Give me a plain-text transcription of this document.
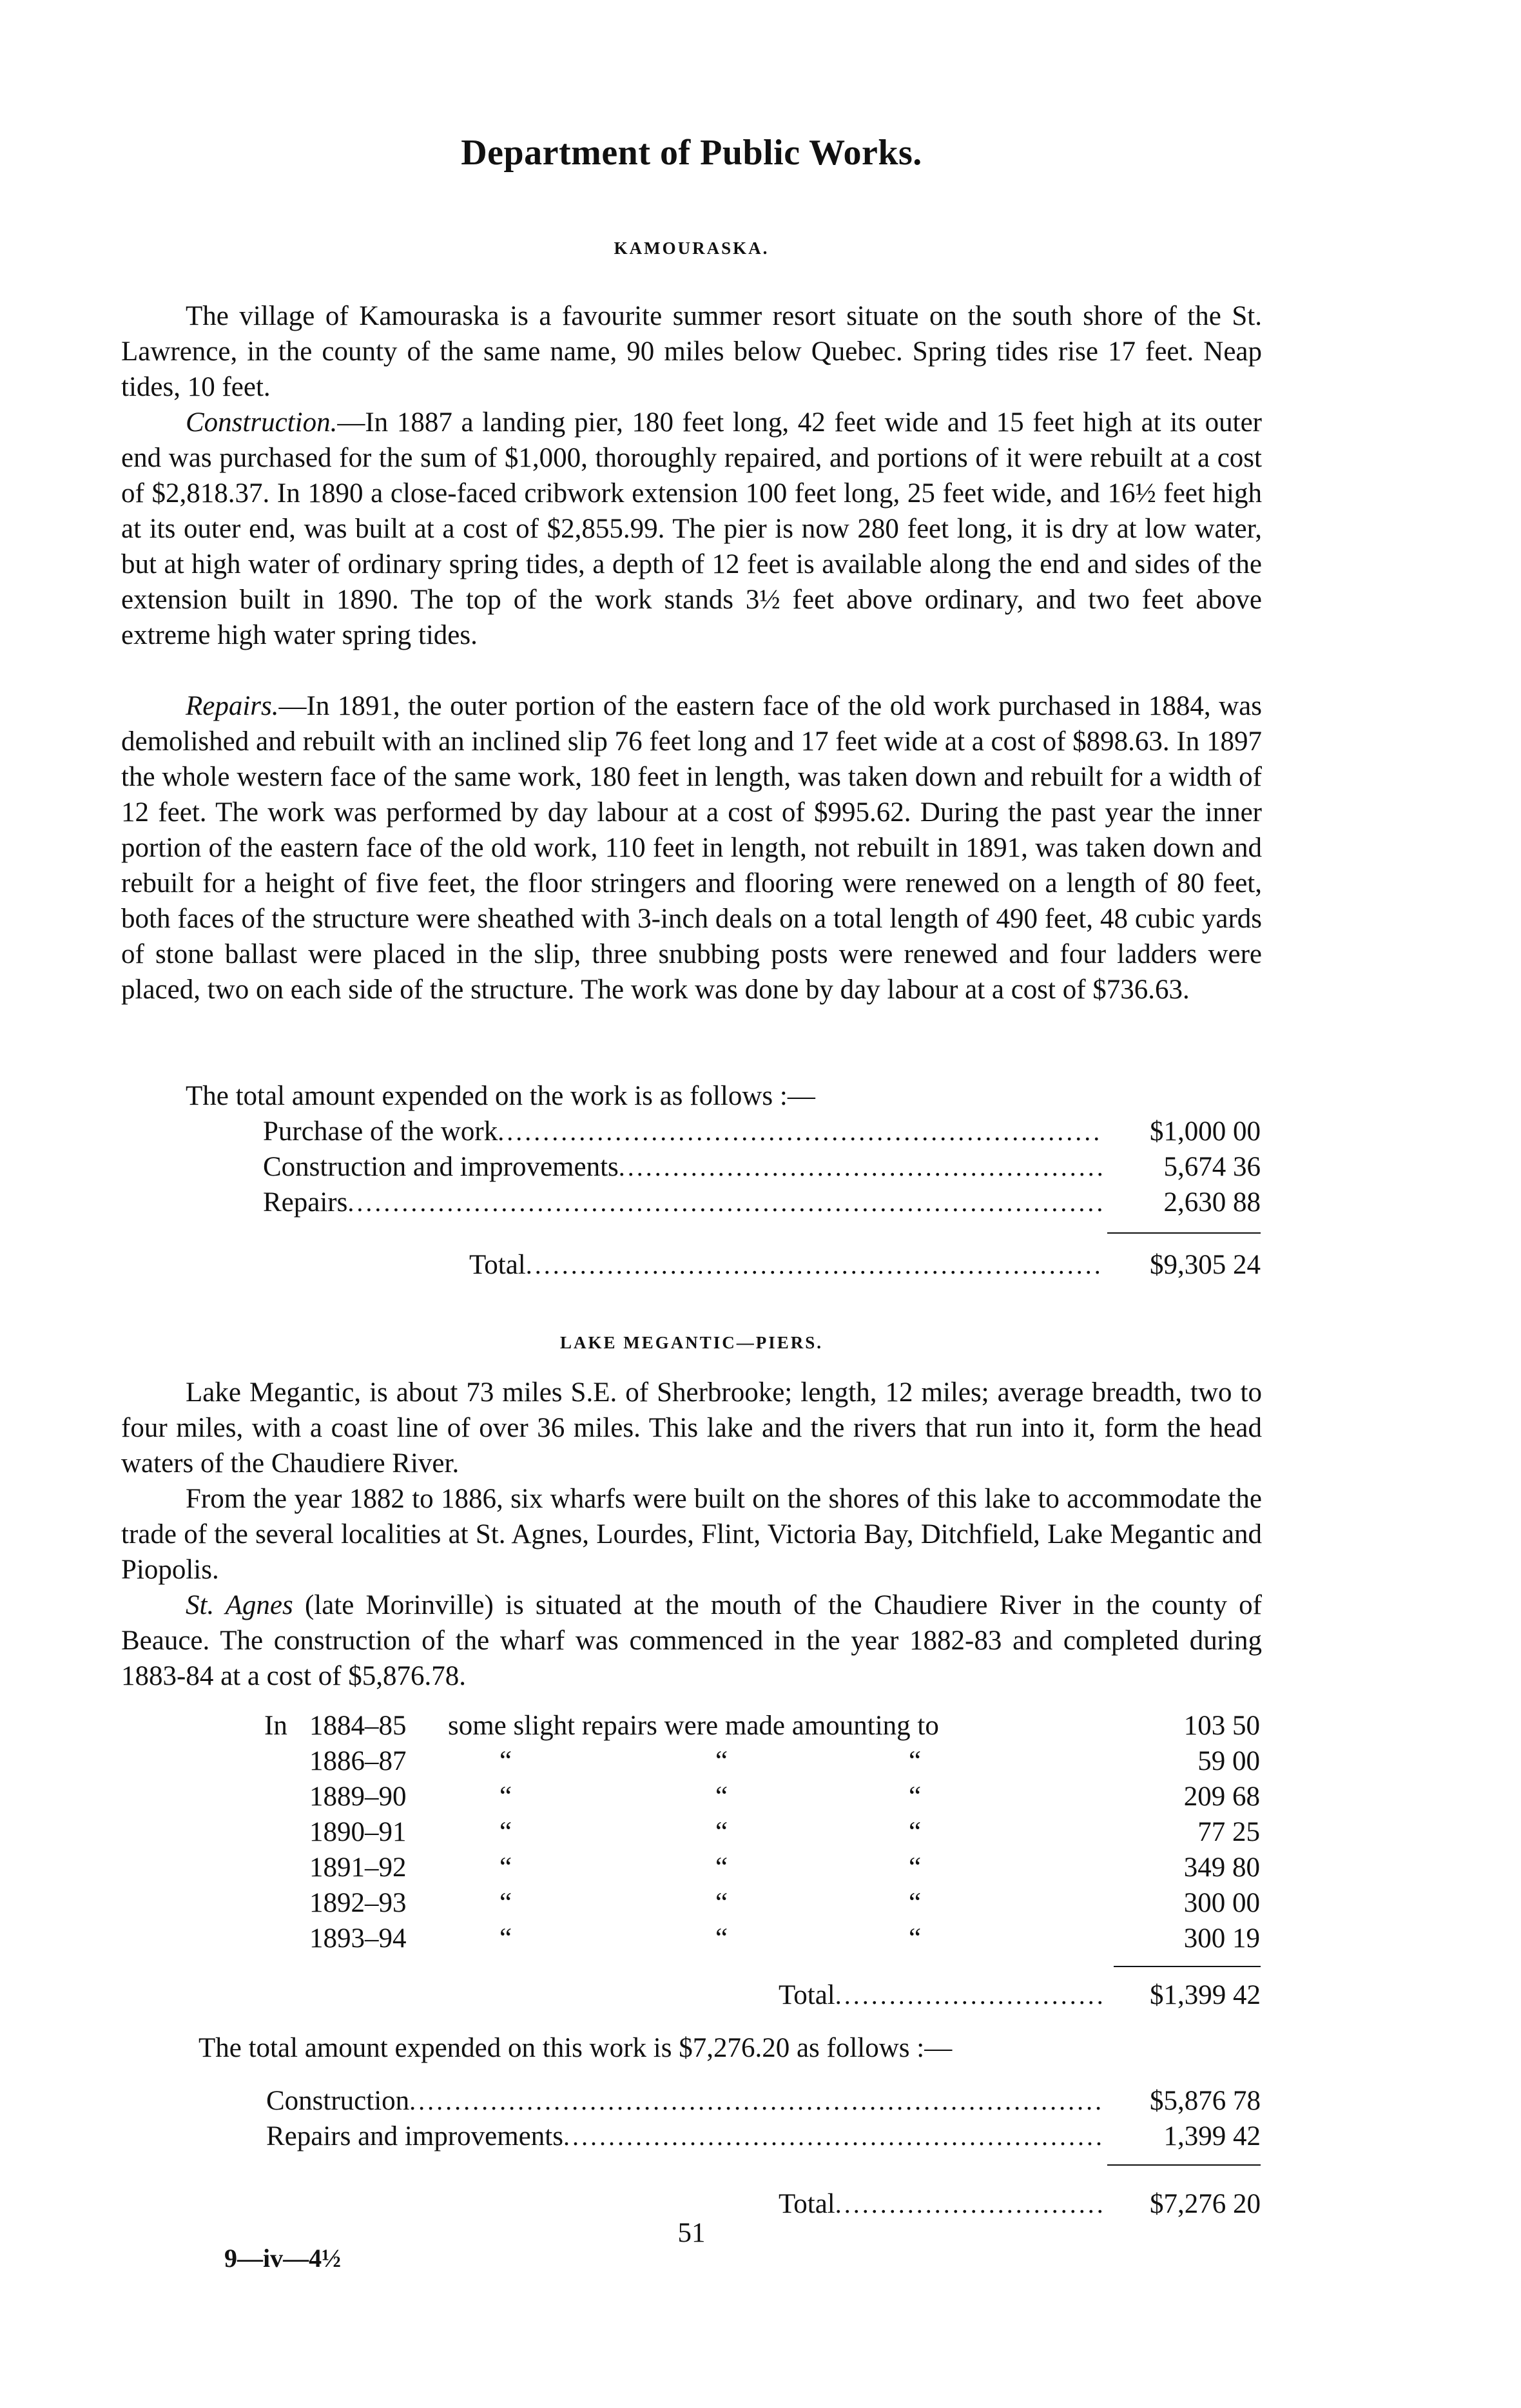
Department of Public Works.
KAMOURASKA.

The village of Kamouraska is a favourite summer resort situate on the south shore of the St. Lawrence, in the county of the same name, 90 miles below Quebec. Spring tides rise 17 feet. Neap tides, 10 feet.

Construction.—In 1887 a landing pier, 180 feet long, 42 feet wide and 15 feet high at its outer end was purchased for the sum of $1,000, thoroughly repaired, and portions of it were rebuilt at a cost of $2,818.37. In 1890 a close-faced cribwork extension 100 feet long, 25 feet wide, and 16½ feet high at its outer end, was built at a cost of $2,855.99. The pier is now 280 feet long, it is dry at low water, but at high water of ordinary spring tides, a depth of 12 feet is available along the end and sides of the extension built in 1890. The top of the work stands 3½ feet above ordinary, and two feet above extreme high water spring tides.

Repairs.—In 1891, the outer portion of the eastern face of the old work purchased in 1884, was demolished and rebuilt with an inclined slip 76 feet long and 17 feet wide at a cost of $898.63. In 1897 the whole western face of the same work, 180 feet in length, was taken down and rebuilt for a width of 12 feet. The work was performed by day labour at a cost of $995.62. During the past year the inner portion of the eastern face of the old work, 110 feet in length, not rebuilt in 1891, was taken down and rebuilt for a height of five feet, the floor stringers and flooring were renewed on a length of 80 feet, both faces of the structure were sheathed with 3-inch deals on a total length of 490 feet, 48 cubic yards of stone ballast were placed in the slip, three snubbing posts were renewed and four ladders were placed, two on each side of the structure. The work was done by day labour at a cost of $736.63.

The total amount expended on the work is as follows :—

Purchase of the work .....	$1,000 00
Construction and improvements .....	5,674 36
Repairs .....	2,630 88
Total .....	$9,305 24
LAKE MEGANTIC—PIERS.

Lake Megantic, is about 73 miles S.E. of Sherbrooke; length, 12 miles; average breadth, two to four miles, with a coast line of over 36 miles. This lake and the rivers that run into it, form the head waters of the Chaudiere River.

From the year 1882 to 1886, six wharfs were built on the shores of this lake to accommodate the trade of the several localities at St. Agnes, Lourdes, Flint, Victoria Bay, Ditchfield, Lake Megantic and Piopolis.

St. Agnes (late Morinville) is situated at the mouth of the Chaudiere River in the county of Beauce. The construction of the wharf was commenced in the year 1882-83 and completed during 1883-84 at a cost of $5,876.78.

In 1884–85 some slight repairs were made amounting to	103 50
1886–87	“	“	“	59 00
1889–90	“	“	“	209 68
1890–91	“	“	“	77 25
1891–92	“	“	“	349 80
1892–93	“	“	“	300 00
1893–94	“	“	“	300 19
Total .....	$1,399 42

The total amount expended on this work is $7,276.20 as follows :—

Construction .....	$5,876 78
Repairs and improvements .....	1,399 42
Total .....	$7,276 20
51
9—iv—4½
